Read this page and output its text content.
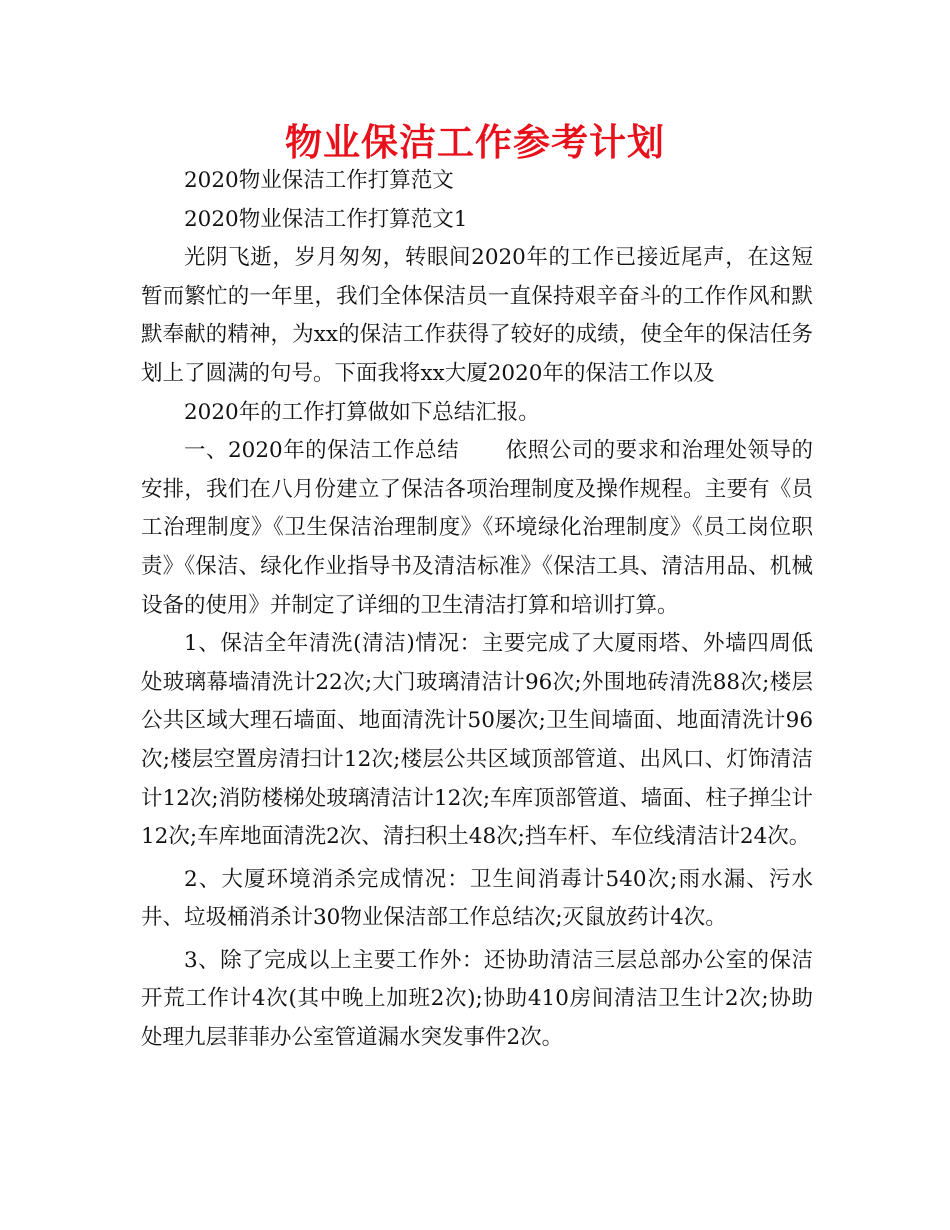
物业保洁工作参考计划

2020物业保洁工作打算范文

2020物业保洁工作打算范文1

光阴飞逝，岁月匆匆，转眼间2020年的工作已接近尾声，在这短暂而繁忙的一年里，我们全体保洁员一直保持艰辛奋斗的工作作风和默默奉献的精神，为xx的保洁工作获得了较好的成绩，使全年的保洁任务划上了圆满的句号。下面我将xx大厦2020年的保洁工作以及

2020年的工作打算做如下总结汇报。

一、2020年的保洁工作总结 依照公司的要求和治理处领导的安排，我们在八月份建立了保洁各项治理制度及操作规程。主要有《员工治理制度》《卫生保洁治理制度》《环境绿化治理制度》《员工岗位职责》《保洁、绿化作业指导书及清洁标准》《保洁工具、清洁用品、机械设备的使用》并制定了详细的卫生清洁打算和培训打算。

1、保洁全年清洗(清洁)情况：主要完成了大厦雨塔、外墙四周低处玻璃幕墙清洗计22次;大门玻璃清洁计96次;外围地砖清洗88次;楼层公共区域大理石墙面、地面清洗计50屡次;卫生间墙面、地面清洗计96次;楼层空置房清扫计12次;楼层公共区域顶部管道、出风口、灯饰清洁计12次;消防楼梯处玻璃清洁计12次;车库顶部管道、墙面、柱子掸尘计12次;车库地面清洗2次、清扫积土48次;挡车杆、车位线清洁计24次。

2、大厦环境消杀完成情况：卫生间消毒计540次;雨水漏、污水井、垃圾桶消杀计30物业保洁部工作总结次;灭鼠放药计4次。

3、除了完成以上主要工作外：还协助清洁三层总部办公室的保洁开荒工作计4次(其中晚上加班2次);协助410房间清洁卫生计2次;协助处理九层菲菲办公室管道漏水突发事件2次。
